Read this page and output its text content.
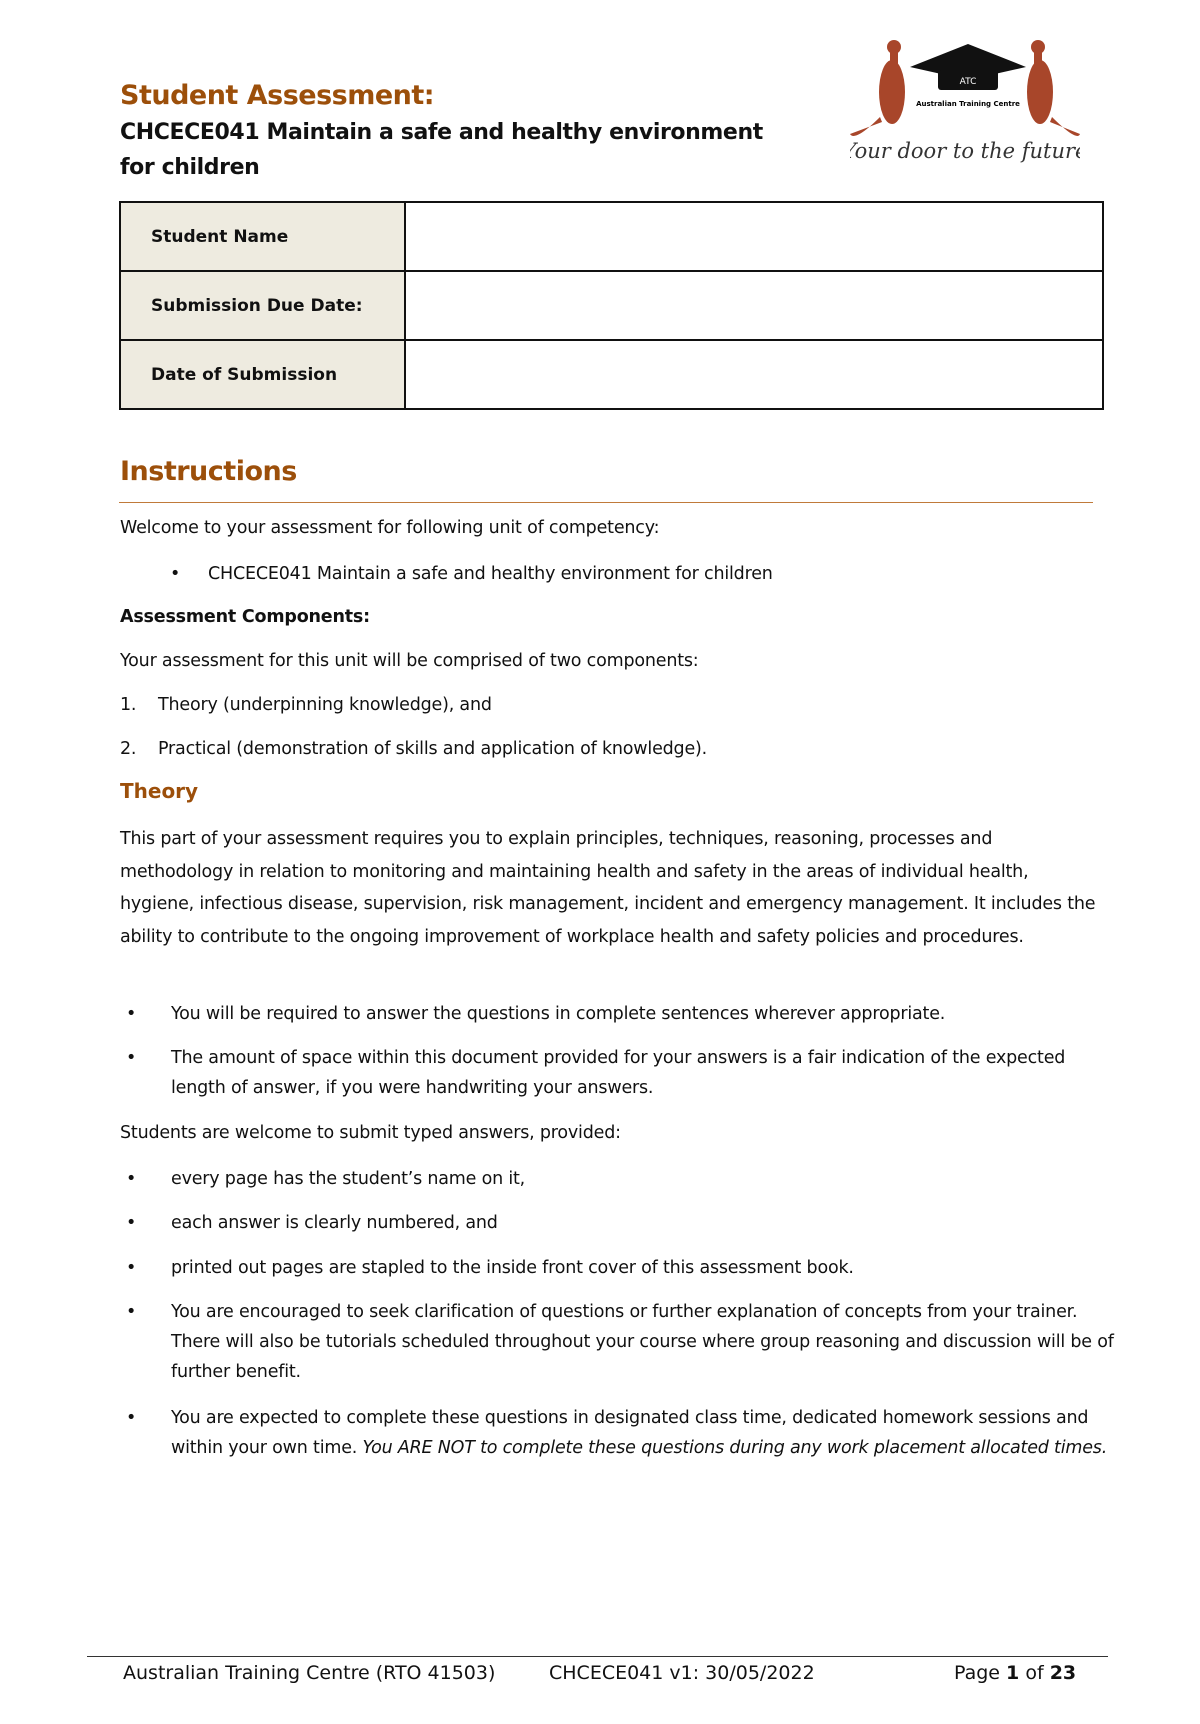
Student Assessment:
CHCECE041 Maintain a safe and healthy environment
for children
ATC
Australian Training Centre
Your door to the future
Student Name	
Submission Due Date:	
Date of Submission	
Instructions
Welcome to your assessment for following unit of competency:
• CHCECE041 Maintain a safe and healthy environment for children
Assessment Components:
Your assessment for this unit will be comprised of two components:
1. Theory (underpinning knowledge), and
2. Practical (demonstration of skills and application of knowledge).
Theory
This part of your assessment requires you to explain principles, techniques, reasoning, processes and methodology in relation to monitoring and maintaining health and safety in the areas of individual health, hygiene, infectious disease, supervision, risk management, incident and emergency management. It includes the ability to contribute to the ongoing improvement of workplace health and safety policies and procedures.
• You will be required to answer the questions in complete sentences wherever appropriate.
• The amount of space within this document provided for your answers is a fair indication of the expected length of answer, if you were handwriting your answers.
Students are welcome to submit typed answers, provided:
• every page has the student’s name on it,
• each answer is clearly numbered, and
• printed out pages are stapled to the inside front cover of this assessment book.
• You are encouraged to seek clarification of questions or further explanation of concepts from your trainer. There will also be tutorials scheduled throughout your course where group reasoning and discussion will be of further benefit.
• You are expected to complete these questions in designated class time, dedicated homework sessions and within your own time. You ARE NOT to complete these questions during any work placement allocated times.
Australian Training Centre (RTO 41503)	CHCECE041 v1: 30/05/2022	Page 1 of 23
